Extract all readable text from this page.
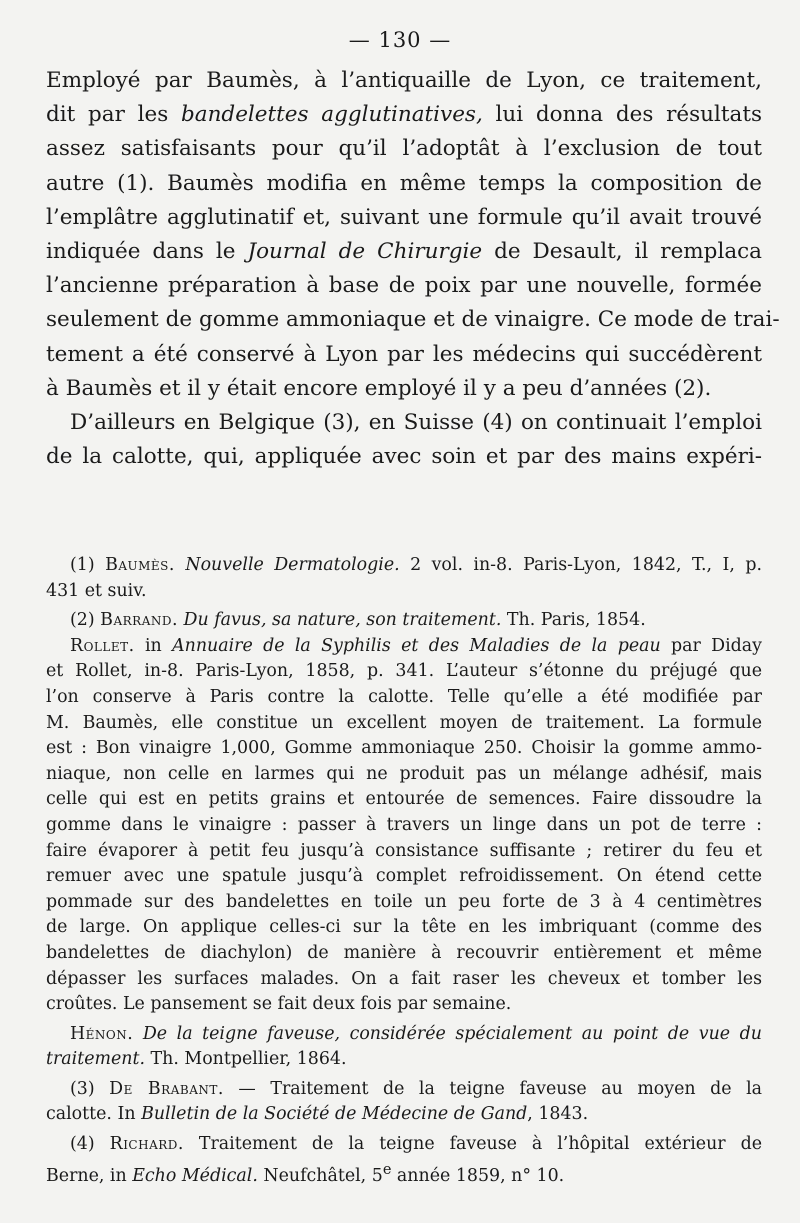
— 130 —
Employé par Baumès, à l’antiquaille de Lyon, ce traitement,
dit par les bandelettes agglutinatives, lui donna des résultats
assez satisfaisants pour qu’il l’adoptât à l’exclusion de tout
autre (1). Baumès modifia en même temps la composition de
l’emplâtre agglutinatif et, suivant une formule qu’il avait trouvé
indiquée dans le Journal de Chirurgie de Desault, il remplaca
l’ancienne préparation à base de poix par une nouvelle, formée
seulement de gomme ammoniaque et de vinaigre. Ce mode de trai-
tement a été conservé à Lyon par les médecins qui succédèrent
à Baumès et il y était encore employé il y a peu d’années (2).
D’ailleurs en Belgique (3), en Suisse (4) on continuait l’emploi
de la calotte, qui, appliquée avec soin et par des mains expéri-
(1) Baumès. Nouvelle Dermatologie. 2 vol. in-8. Paris-Lyon, 1842, T., I, p.
431 et suiv.
(2) Barrand. Du favus, sa nature, son traitement. Th. Paris, 1854.
Rollet. in Annuaire de la Syphilis et des Maladies de la peau par Diday
et Rollet, in-8. Paris-Lyon, 1858, p. 341. L’auteur s’étonne du préjugé que
l’on conserve à Paris contre la calotte. Telle qu’elle a été modifiée par
M. Baumès, elle constitue un excellent moyen de traitement. La formule
est : Bon vinaigre 1,000, Gomme ammoniaque 250. Choisir la gomme ammo-
niaque, non celle en larmes qui ne produit pas un mélange adhésif, mais
celle qui est en petits grains et entourée de semences. Faire dissoudre la
gomme dans le vinaigre : passer à travers un linge dans un pot de terre :
faire évaporer à petit feu jusqu’à consistance suffisante ; retirer du feu et
remuer avec une spatule jusqu’à complet refroidissement. On étend cette
pommade sur des bandelettes en toile un peu forte de 3 à 4 centimètres
de large. On applique celles-ci sur la tête en les imbriquant (comme des
bandelettes de diachylon) de manière à recouvrir entièrement et même
dépasser les surfaces malades. On a fait raser les cheveux et tomber les
croûtes. Le pansement se fait deux fois par semaine.
Hénon. De la teigne faveuse, considérée spécialement au point de vue du
traitement. Th. Montpellier, 1864.
(3) De Brabant. — Traitement de la teigne faveuse au moyen de la
calotte. In Bulletin de la Société de Médecine de Gand, 1843.
(4) Richard. Traitement de la teigne faveuse à l’hôpital extérieur de
Berne, in Echo Médical. Neufchâtel, 5e année 1859, n° 10.
